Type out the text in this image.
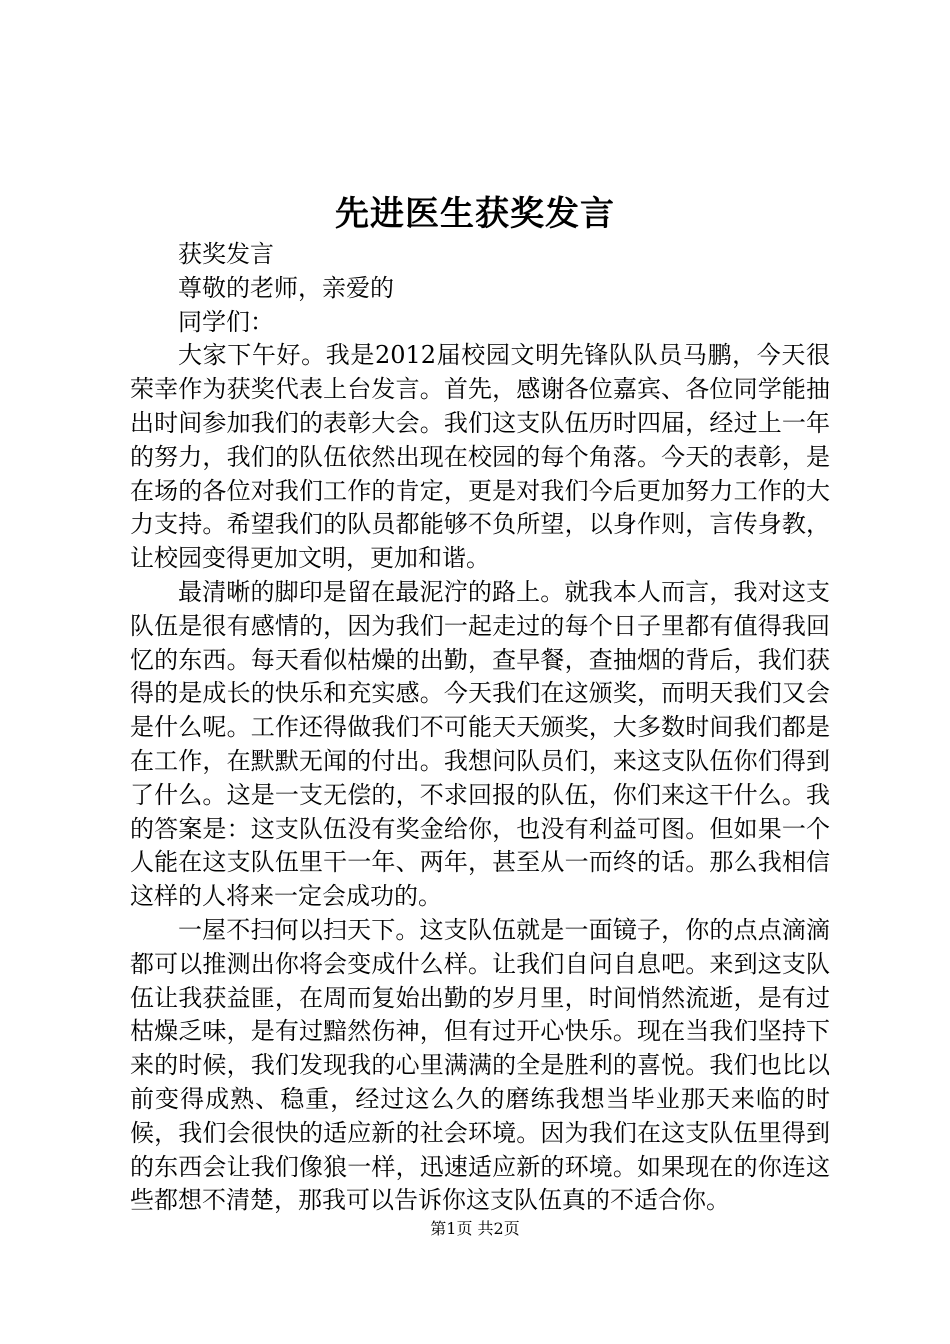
先进医生获奖发言

获奖发言

尊敬的老师，亲爱的

同学们：

大家下午好。我是2012届校园文明先锋队队员马鹏，今天很荣幸作为获奖代表上台发言。首先，感谢各位嘉宾、各位同学能抽出时间参加我们的表彰大会。我们这支队伍历时四届，经过上一年的努力，我们的队伍依然出现在校园的每个角落。今天的表彰，是在场的各位对我们工作的肯定，更是对我们今后更加努力工作的大力支持。希望我们的队员都能够不负所望，以身作则，言传身教，让校园变得更加文明，更加和谐。

最清晰的脚印是留在最泥泞的路上。就我本人而言，我对这支队伍是很有感情的，因为我们一起走过的每个日子里都有值得我回忆的东西。每天看似枯燥的出勤，查早餐，查抽烟的背后，我们获得的是成长的快乐和充实感。今天我们在这颁奖，而明天我们又会是什么呢。工作还得做我们不可能天天颁奖，大多数时间我们都是在工作，在默默无闻的付出。我想问队员们，来这支队伍你们得到了什么。这是一支无偿的，不求回报的队伍，你们来这干什么。我的答案是：这支队伍没有奖金给你，也没有利益可图。但如果一个人能在这支队伍里干一年、两年，甚至从一而终的话。那么我相信这样的人将来一定会成功的。

一屋不扫何以扫天下。这支队伍就是一面镜子，你的点点滴滴都可以推测出你将会变成什么样。让我们自问自息吧。来到这支队伍让我获益匪，在周而复始出勤的岁月里，时间悄然流逝，是有过枯燥乏味，是有过黯然伤神，但有过开心快乐。现在当我们坚持下来的时候，我们发现我的心里满满的全是胜利的喜悦。我们也比以前变得成熟、稳重，经过这么久的磨练我想当毕业那天来临的时候，我们会很快的适应新的社会环境。因为我们在这支队伍里得到的东西会让我们像狼一样，迅速适应新的环境。如果现在的你连这些都想不清楚，那我可以告诉你这支队伍真的不适合你。

第1页 共2页
